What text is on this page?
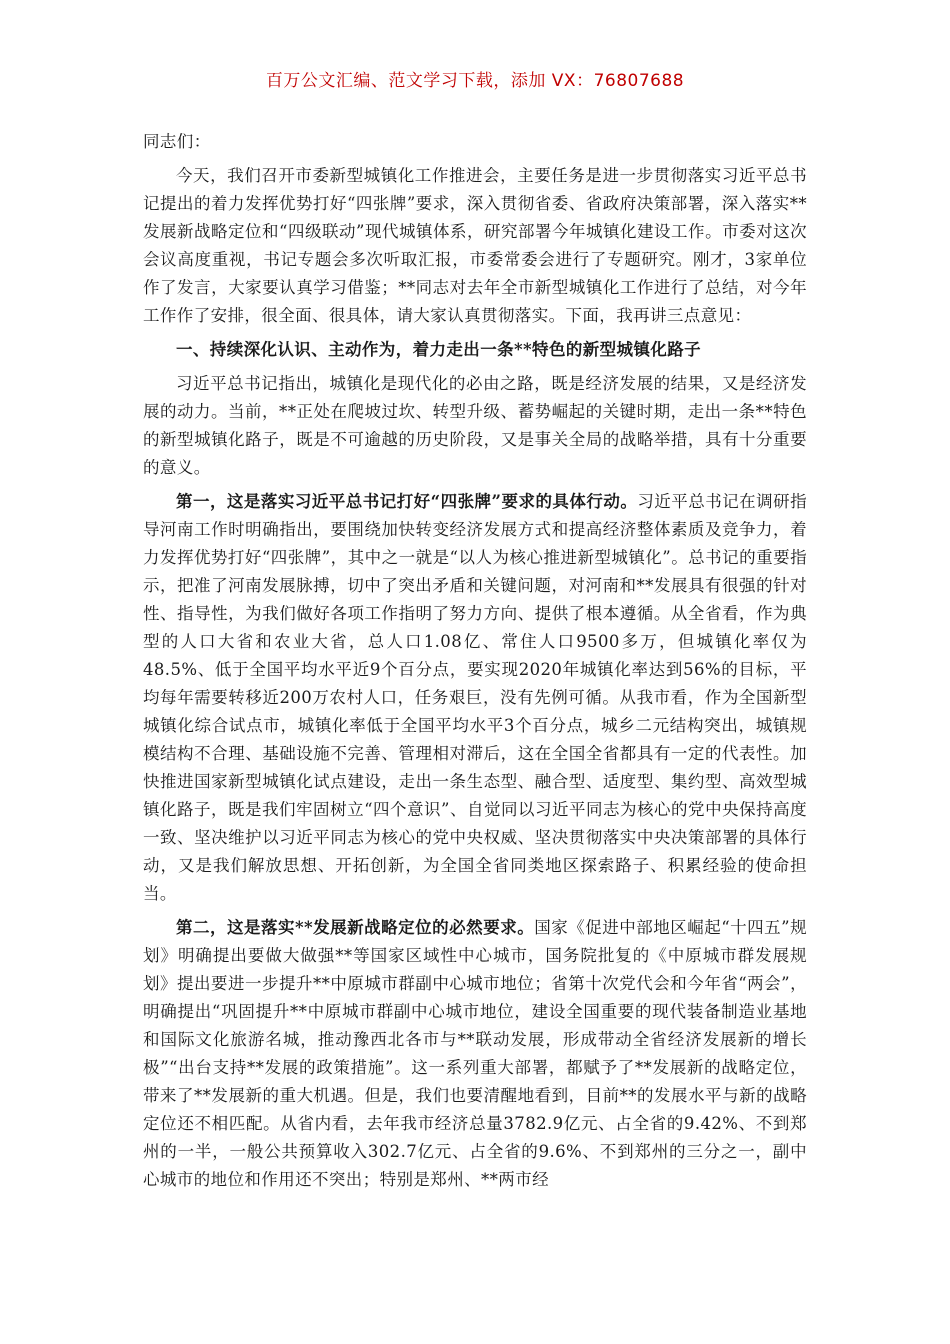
百万公文汇编、范文学习下载，添加 VX：76807688
同志们：

今天，我们召开市委新型城镇化工作推进会，主要任务是进一步贯彻落实习近平总书记提出的着力发挥优势打好“四张牌”要求，深入贯彻省委、省政府决策部署，深入落实**发展新战略定位和“四级联动”现代城镇体系，研究部署今年城镇化建设工作。市委对这次会议高度重视，书记专题会多次听取汇报，市委常委会进行了专题研究。刚才，3家单位作了发言，大家要认真学习借鉴；**同志对去年全市新型城镇化工作进行了总结，对今年工作作了安排，很全面、很具体，请大家认真贯彻落实。下面，我再讲三点意见：

一、持续深化认识、主动作为，着力走出一条**特色的新型城镇化路子

习近平总书记指出，城镇化是现代化的必由之路，既是经济发展的结果，又是经济发展的动力。当前，**正处在爬坡过坎、转型升级、蓄势崛起的关键时期，走出一条**特色的新型城镇化路子，既是不可逾越的历史阶段，又是事关全局的战略举措，具有十分重要的意义。

第一，这是落实习近平总书记打好“四张牌”要求的具体行动。习近平总书记在调研指导河南工作时明确指出，要围绕加快转变经济发展方式和提高经济整体素质及竞争力，着力发挥优势打好“四张牌”，其中之一就是“以人为核心推进新型城镇化”。总书记的重要指示，把准了河南发展脉搏，切中了突出矛盾和关键问题，对河南和**发展具有很强的针对性、指导性，为我们做好各项工作指明了努力方向、提供了根本遵循。从全省看，作为典型的人口大省和农业大省，总人口1.08亿、常住人口9500多万，但城镇化率仅为48.5%、低于全国平均水平近9个百分点，要实现2020年城镇化率达到56%的目标，平均每年需要转移近200万农村人口，任务艰巨，没有先例可循。从我市看，作为全国新型城镇化综合试点市，城镇化率低于全国平均水平3个百分点，城乡二元结构突出，城镇规模结构不合理、基础设施不完善、管理相对滞后，这在全国全省都具有一定的代表性。加快推进国家新型城镇化试点建设，走出一条生态型、融合型、适度型、集约型、高效型城镇化路子，既是我们牢固树立“四个意识”、自觉同以习近平同志为核心的党中央保持高度一致、坚决维护以习近平同志为核心的党中央权威、坚决贯彻落实中央决策部署的具体行动，又是我们解放思想、开拓创新，为全国全省同类地区探索路子、积累经验的使命担当。

第二，这是落实**发展新战略定位的必然要求。国家《促进中部地区崛起“十四五”规划》明确提出要做大做强**等国家区域性中心城市，国务院批复的《中原城市群发展规划》提出要进一步提升**中原城市群副中心城市地位；省第十次党代会和今年省“两会”，明确提出“巩固提升**中原城市群副中心城市地位，建设全国重要的现代装备制造业基地和国际文化旅游名城，推动豫西北各市与**联动发展，形成带动全省经济发展新的增长极”“出台支持**发展的政策措施”。这一系列重大部署，都赋予了**发展新的战略定位，带来了**发展新的重大机遇。但是，我们也要清醒地看到，目前**的发展水平与新的战略定位还不相匹配。从省内看，去年我市经济总量3782.9亿元、占全省的9.42%、不到郑州的一半，一般公共预算收入302.7亿元、占全省的9.6%、不到郑州的三分之一，副中心城市的地位和作用还不突出；特别是郑州、**两市经
